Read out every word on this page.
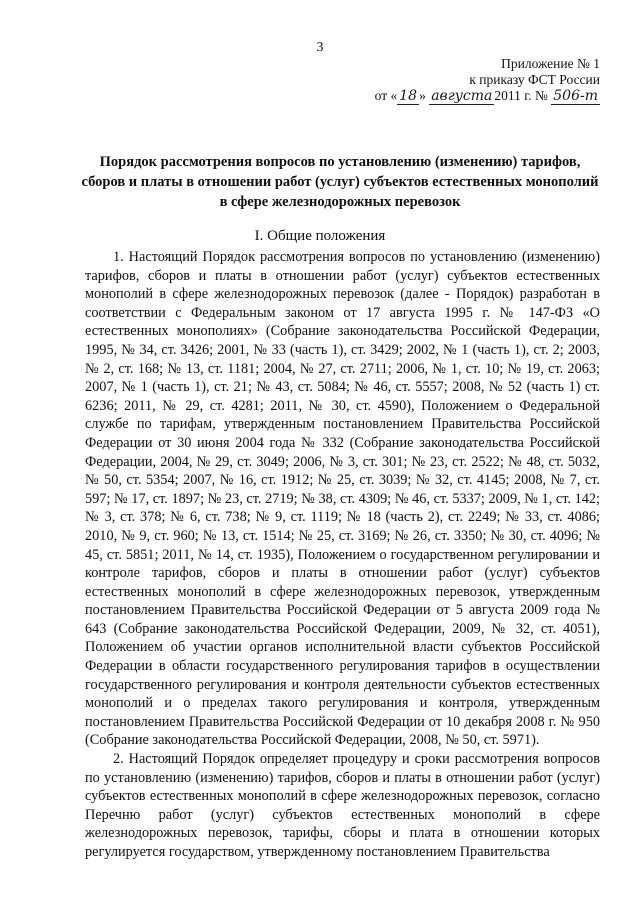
3
Приложение № 1
к приказу ФСТ России
от « 18 » августа 2011 г. № 506-т
Порядок рассмотрения вопросов по установлению (изменению) тарифов, сборов и платы в отношении работ (услуг) субъектов естественных монополий в сфере железнодорожных перевозок
I. Общие положения

1. Настоящий Порядок рассмотрения вопросов по установлению (изменению) тарифов, сборов и платы в отношении работ (услуг) субъектов естественных монополий в сфере железнодорожных перевозок (далее - Порядок) разработан в соответствии с Федеральным законом от 17 августа 1995 г. № 147-ФЗ «О естественных монополиях» (Собрание законодательства Российской Федерации, 1995, № 34, ст. 3426; 2001, № 33 (часть 1), ст. 3429; 2002, № 1 (часть 1), ст. 2; 2003, № 2, ст. 168; № 13, ст. 1181; 2004, № 27, ст. 2711; 2006, № 1, ст. 10; № 19, ст. 2063; 2007, № 1 (часть 1), ст. 21; № 43, ст. 5084; № 46, ст. 5557; 2008, № 52 (часть 1) ст. 6236; 2011, № 29, ст. 4281; 2011, № 30, ст. 4590), Положением о Федеральной службе по тарифам, утвержденным постановлением Правительства Российской Федерации от 30 июня 2004 года № 332 (Собрание законодательства Российской Федерации, 2004, № 29, ст. 3049; 2006, № 3, ст. 301; № 23, ст. 2522; № 48, ст. 5032, № 50, ст. 5354; 2007, № 16, ст. 1912; № 25, ст. 3039; № 32, ст. 4145; 2008, № 7, ст. 597; № 17, ст. 1897; № 23, ст. 2719; № 38, ст. 4309; № 46, ст. 5337; 2009, № 1, ст. 142; № 3, ст. 378; № 6, ст. 738; № 9, ст. 1119; № 18 (часть 2), ст. 2249; № 33, ст. 4086; 2010, № 9, ст. 960; № 13, ст. 1514; № 25, ст. 3169; № 26, ст. 3350; № 30, ст. 4096; № 45, ст. 5851; 2011, № 14, ст. 1935), Положением о государственном регулировании и контроле тарифов, сборов и платы в отношении работ (услуг) субъектов естественных монополий в сфере железнодорожных перевозок, утвержденным постановлением Правительства Российской Федерации от 5 августа 2009 года № 643 (Собрание законодательства Российской Федерации, 2009, № 32, ст. 4051), Положением об участии органов исполнительной власти субъектов Российской Федерации в области государственного регулирования тарифов в осуществлении государственного регулирования и контроля деятельности субъектов естественных монополий и о пределах такого регулирования и контроля, утвержденным постановлением Правительства Российской Федерации от 10 декабря 2008 г. № 950 (Собрание законодательства Российской Федерации, 2008, № 50, ст. 5971).

2. Настоящий Порядок определяет процедуру и сроки рассмотрения вопросов по установлению (изменению) тарифов, сборов и платы в отношении работ (услуг) субъектов естественных монополий в сфере железнодорожных перевозок, согласно Перечню работ (услуг) субъектов естественных монополий в сфере железнодорожных перевозок, тарифы, сборы и плата в отношении которых регулируется государством, утвержденному постановлением Правительства
